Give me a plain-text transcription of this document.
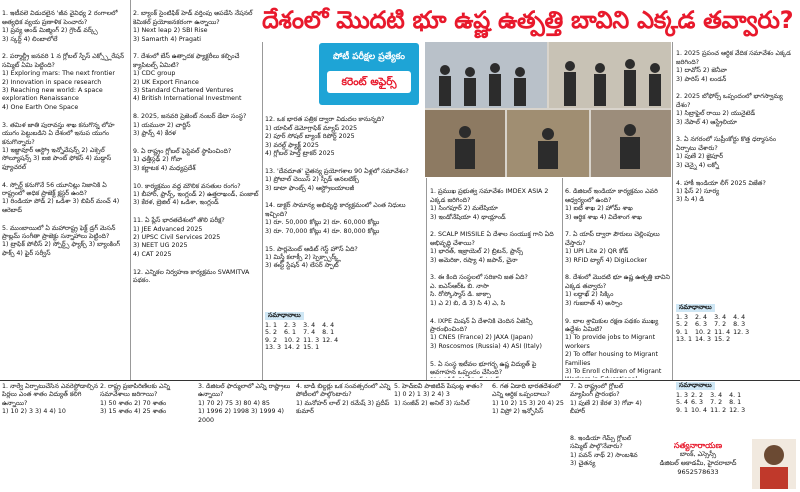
దేశంలో మొదటి భూ ఉష్ణ ఉత్పత్తి బావిని ఎక్కడ తవ్వారు?
పోటీ పరీక్షల ప్రత్యేకం
కరెంట్ అఫైర్స్

1. ఇటీవలె విడుదలైన 'జీవ వైవిధ్య 2 రంగాలలో అత్యధిక వ్యయ ప్రణాళిక పెంచారు?
1) ప్రవ్య అండ్ మిజ్మింగ్ 2) గ్రౌండ్ వర్క్స్
3) స్కర్ట్ 4) లింబాలోలే

2. పర్మాల్ట్రీ జనవరి 1 న గ్లోబల్ స్పేస్ ఎక్స్ప్లోరేషన్ సమ్మిట్ ఏమి పెట్టింది?
1) Exploring mars: The next frontier
2) Innovation in space research
3) Reaching new world: A space exploration Renaissance
4) One Earth One Space

3. తమిళ జాతి పురావస్తు శాఖ కనుగొన్న లోహ యుగం పెట్టుబడిని ఏ దేశంలో ఇనుప యుగం కనుగొన్నారు?
1) ఇజ్జావూర్ ఆస్ట్రో ఇన్నోవేషన్స్ 2) ఎక్సెల్ సోల్యూషన్స్ 3) ఐజి పాంట్ ఫోకస్ 4) మడ్డాస్ ఫ్యూచరల్

4. స్పోర్ట్ కనుగొనే 56 యూనిట్లు నిజానికి ఏ రాష్ట్రంలో అధిక ప్రాజెక్ట్ క్లస్టర్ ఉంది?
1) రిండియా పోడ్ 2) ఒడిశా 3) బిపిర్ మంచ్ 4) ఆరెబాద్

5. ముంబాయిలో ఏ మహారాష్ట్ర ఫెక్ట్ డ్రగ్ మెసన్ ప్రాబ్లమ్ సంగీతా ప్రాజెక్టు సన్నాహాలు పెట్టింది?
1) ట్రాఫిక్ పోలీస్ 2) స్పోర్ట్స్ ఫ్యాక్స్ 3) బ్యాంకింగ్ ఫాక్స్ 4) ఫైర్ సర్వీస్

2. బ్యాంక్ సైంటిఫిక్ హెడ్ వర్తింపు అపడేసి నేషనల్ కెమికల్ ప్రయోజనకరంగా ఉన్నాయి?
1) Next leap 2) SBI Rise
3) Samarth 4) Pragati

7. దేశంలో బేస్ ఉత్పాదక ఫ్యాక్టరీలు కల్పించే క్యాపిటల్స్ ఏమిటి?
1) CDC group
2) UK Export Finance
3) Standard Chartered Ventures
4) British International Investment

8. 2025, జనవరి ప్రెజెంట్ నంబర్ డేటా సంస్థ?
1) యమునా 2) చార్జిస్
3) ఫ్రాన్స్ 4) కేరళ

9. ఏ రాష్ట్రం గ్లోబల్ ఫెస్టివల్ స్థాపించింది?
1) ఛత్తీస్గఢ్ 2) గోవా
3) కర్ణాటక 4) మధ్యప్రదేశ్

10. కార్యక్రమం వద్ద మౌలిక వసతుల రంగం?
1) బీహార్, ఫ్రాన్స్, ఇంగ్లండ్ 2) ఉత్తరాఖండ్, పంజాబ్
3) కేరళ, బ్రెజిల్ 4) ఒడిశా, ఇంగ్లండ్

11. ఏ ప్లేస్ భారతదేశంలో తొలి పరీక్ష?
1) JEE Advanced 2025
2) UPSC Civil Services 2025
3) NEET UG 2025
4) CAT 2025

12. ఎన్నికల నిర్వహణ కార్యక్రమం SVAMITVA పథకం.

12. ఒక భారత పత్రిక ద్వారా విడుదల కానున్నది?
1) యాపిల్ డెమోగ్రాఫిక్ మ్యాప్ 2025
2) పూర్ సోషల్ బ్యాంక్ రిపోర్ట్ 2025
3) వరల్డ్ ఫ్యాక్ట్ 2025
4) గ్లోబల్ హెల్త్ ట్రాకర్ 2025

13. 'దేవదూత' చైతన్య ప్రయోగశాల 90 ఏళ్లలో సమావేశం?
1) ప్రోబాల్ చెయిస్ 2) స్పీడ్ అనలటిక్స్
3) డాటా ఫాంట్స్ 4) ఆస్ట్రోబయాలజీ

14. డాక్టర్ సామాన్య అభివృద్ధి కార్యక్రమంలో ఎంత నిధులు ఇచ్చింది?
1) రూ. 50,000 కోట్లు 2) రూ. 60,000 కోట్లు
3) రూ. 70,000 కోట్లు 4) రూ. 80,000 కోట్లు

15. పార్లమెంట్ ఆడిట్ గెస్ట్ హౌస్ ఏది?
1) మిస్త్రీ కలాక్సీ 2) స్పెక్స్పార్క్ల్
3) ఈస్ట్ స్టేషన్ 4) లేసర్ స్పాట్

సమాధానాలు
1. 1	2. 3	3. 4	4. 4
5. 2	6. 1	7. 4	8. 1
9. 2	10. 2	11. 3	12. 4
13. 3	14. 2	15. 1	

1. ప్రముఖ ప్రభుత్వ సమావేశం IMDEX ASIA 2 ఎక్కడ జరిగింది?
1) సింగపూర్ 2) మలేషియా
3) ఇండోనేషియా 4) థాయ్లాండ్

2. SCALP MISSILE ఏ దేశాల సంయుక్త గాని ఏది అభివృద్ధి చేశాయి?
1) భారత్, ఇజ్రాయెల్ 2) బ్రిటన్, ఫ్రాన్స్
3) అమెరికా, రష్యా 4) జపాన్, చైనా

3. ఈ కింది సంస్థలలో సరికాని జత ఏది?
ఎ. ఐఎస్ఆర్ఓ బి. నాసా
సి. రోస్కోస్మాస్ డి. జాక్సా
1) ఎ 2) బి, డి 3) సి 4) ఎ, సి

4. IXPE మిషన్ ఏ దేశానికి చెందిన ఏజెన్సీ ప్రారంభించింది?
1) CNES (France) 2) JAXA (Japan)
3) Roscosmos (Russia) 4) ASI (Italy)

5. ఏ సంస్థ ఇటీవల భూగర్భ ఉష్ణ విద్యుత్ పై అవగాహన ఒప్పందం చేసింది?

6. డిజిటల్ ఇండియా కార్యక్రమం ఎవరి ఆధ్వర్యంలో ఉంది?
1) ఐటీ శాఖ 2) హోమ్ శాఖ
3) ఆర్థిక శాఖ 4) విదేశాంగ శాఖ

7. ఏ యాప్ ద్వారా పౌరులు చెల్లింపులు చేస్తారు?
1) UPI Lite 2) QR కోడ్
3) RFID ట్యాగ్ 4) DigiLocker

8. దేశంలో మొదటి భూ ఉష్ణ ఉత్పత్తి బావిని ఎక్కడ తవ్వారు?
1) లద్దాఖ్ 2) సిక్కిం
3) గుజరాత్ 4) అస్సాం

9. బాల శ్రామికుల రక్షణ పథకం ముఖ్య ఉద్దేశం ఏమిటి?
1) To provide jobs to Migrant workers
2) To offer housing to Migrant Families
3) To Enroll children of Migrant

1. 2025 ప్రపంచ ఆర్థిక వేదిక సమావేశం ఎక్కడ జరిగింది?
1) దావోస్ 2) జెనీవా
3) పారిస్ 4) లండన్

2. 2025 బోఫోర్స్ ఒప్పందంలో భాగస్వామ్య దేశం?
1) సిబ్రాఫైల్ రాయి 2) యునైటెడ్
3) నేపాల్ 4) ఆస్ట్రేలియా

3. ఏ నగరంలో సుప్రీంకోర్టు కొత్త ధర్మాసనం ఏర్పాటు చేశారు?
1) పుణే 2) జైపూర్
3) చెన్నై 4) లక్నో

4. హాకీ ఇండియా లీగ్ 2025 విజేత?
1) ఫేస్ 2) సూర్య
3) సి 4) డి

సమాధానాలు
1. 3	2. 4	3. 4	4. 4
5. 2	6. 3	7. 2	8. 3
9. 1	10. 2	11. 4	12. 3
13. 1	14. 3	15. 2	
సమాధానాలు
1. 3	2. 2	3. 4	4. 1
5. 4	6. 3	7. 2	8. 1
9. 1	10. 4	11. 2	12. 3
1. నార్వే ఏర్పాటుచేసిన ఎవరెస్టోడాల్సిన పిర్లలు ఎంత శాతం విద్యుత్ కలిగి ఉన్నాయి?
1) 10 2) 3 3) 4 4) 10
2. రాష్ట్ర ప్రజాపిరిణిలకు ఎన్ని సమావేశాలు జరిగాయి?
1) 50 శాతం 2) 70 శాతం
3) 15 శాతం 4) 25 శాతం
3. డిజిటల్ ఫార్ములాలో ఎన్ని రాష్ట్రాలు ఉన్నాయి?
1) 70 2) 75 3) 80 4) 85
1) 1996 2) 1998 3) 1999 4) 2000
4. బాడీ బిల్డర్లు ఒక సంవత్సరంలో ఎన్ని పోటీలలో పాల్గొంటారు?
1) మనోహర్ లాల్ 2) రమేష్ 3) ప్రదీప్ కుమార్
5. హెచ్ఐవీ పాజిటివ్ పేషంట్ల శాతం?
1) 0 2) 1 3) 2 4) 3
1) సంజీవ్ 2) అనిల్ 3) సునీల్
6. గత ఏడాది భారతదేశంలో ఎన్ని ఆర్థిక ఒప్పందాలు?
1) 10 2) 15 3) 20 4) 25
1) విప్రో 2) ఇన్ఫోసిస్
7. ఏ రాష్ట్రంలో గ్లోబల్ మ్యాపింగ్ ప్రారంభం?
1) పుణే 2) కేరళ 3) గోవా 4) బీహార్
8. ఇండియా గేమ్స్ గ్లోబల్ సమ్మిట్ పాల్గొనేవారు?
1) పవన్ నాథ్ 2) సాంబశివ 3) చైతన్య
సత్యనారాయణ
బాంక్, ఎస్సెస్సీ
డిజిటల్ అకాడమీ, హైదరాబాద్
9652578633
